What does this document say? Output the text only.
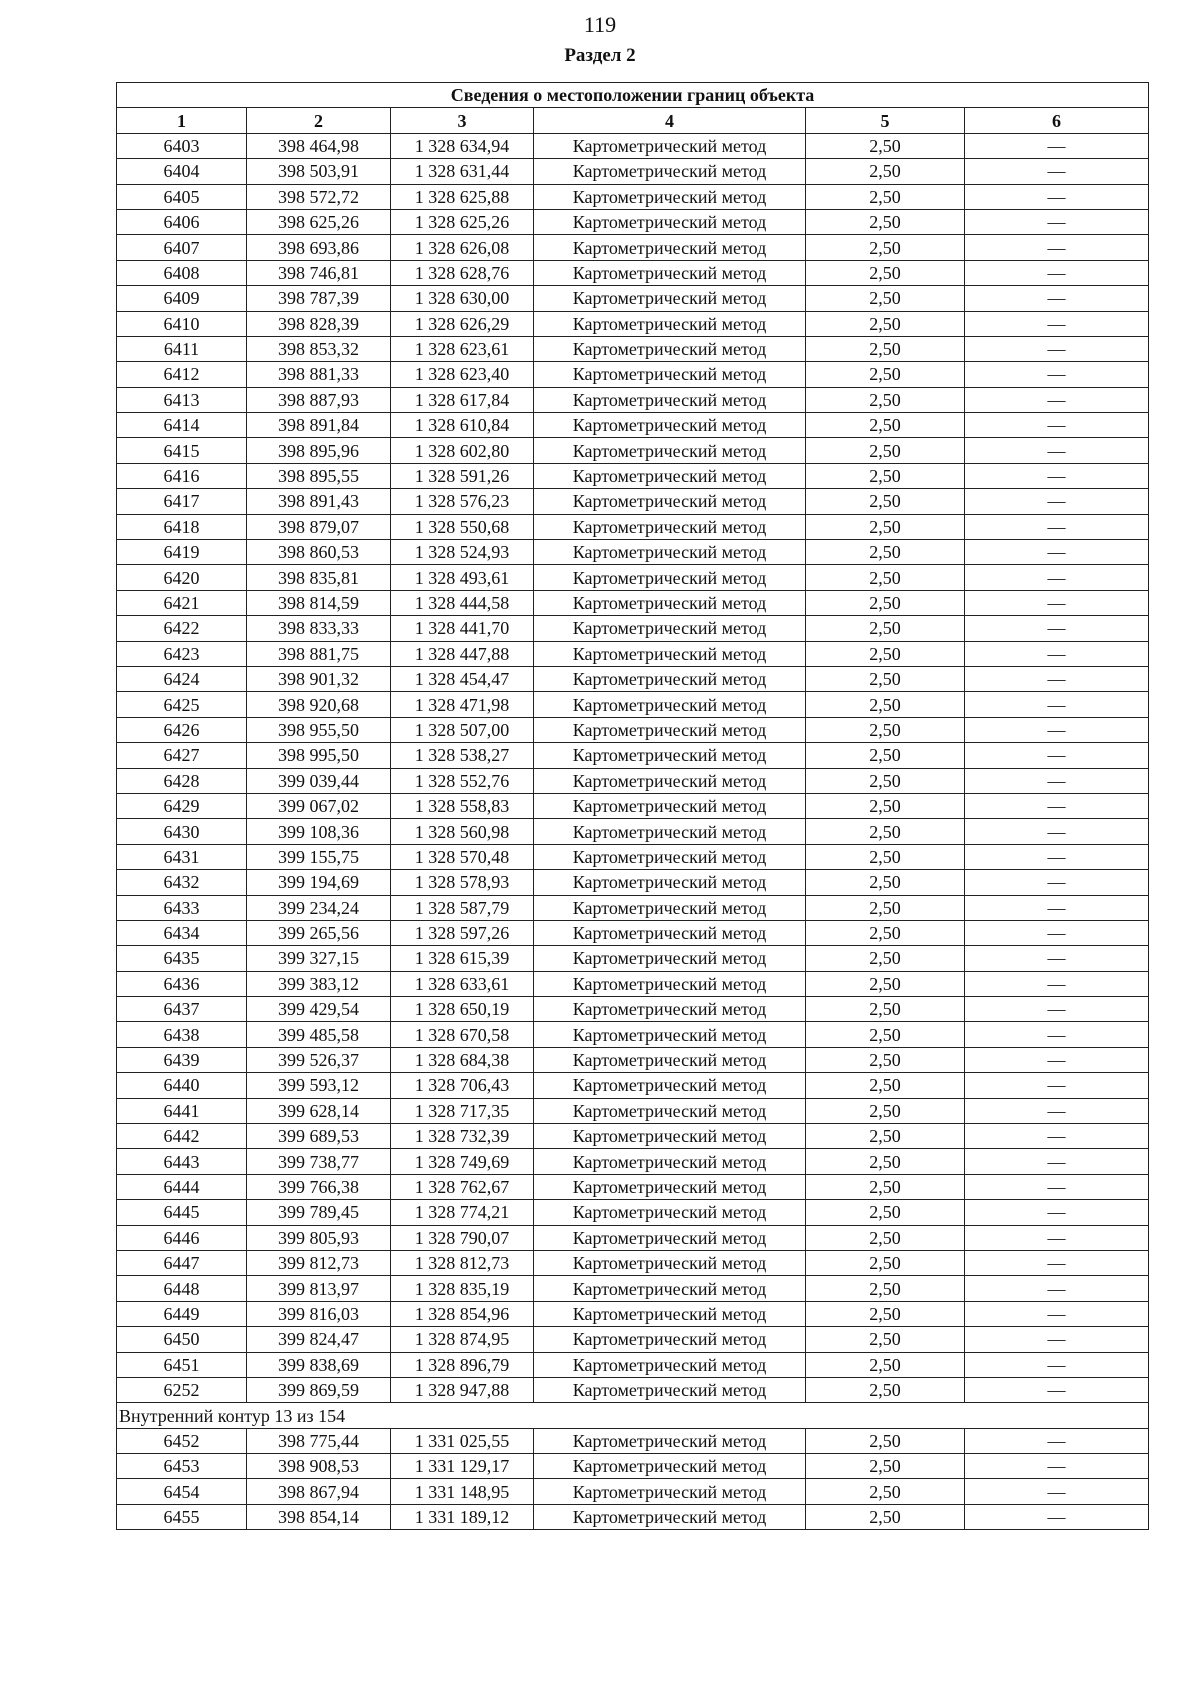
119
Раздел 2
Сведения о местоположении границ объекта					
1	2	3	4	5	6
6403	398 464,98	1 328 634,94	Картометрический метод	2,50	—
6404	398 503,91	1 328 631,44	Картометрический метод	2,50	—
6405	398 572,72	1 328 625,88	Картометрический метод	2,50	—
6406	398 625,26	1 328 625,26	Картометрический метод	2,50	—
6407	398 693,86	1 328 626,08	Картометрический метод	2,50	—
6408	398 746,81	1 328 628,76	Картометрический метод	2,50	—
6409	398 787,39	1 328 630,00	Картометрический метод	2,50	—
6410	398 828,39	1 328 626,29	Картометрический метод	2,50	—
6411	398 853,32	1 328 623,61	Картометрический метод	2,50	—
6412	398 881,33	1 328 623,40	Картометрический метод	2,50	—
6413	398 887,93	1 328 617,84	Картометрический метод	2,50	—
6414	398 891,84	1 328 610,84	Картометрический метод	2,50	—
6415	398 895,96	1 328 602,80	Картометрический метод	2,50	—
6416	398 895,55	1 328 591,26	Картометрический метод	2,50	—
6417	398 891,43	1 328 576,23	Картометрический метод	2,50	—
6418	398 879,07	1 328 550,68	Картометрический метод	2,50	—
6419	398 860,53	1 328 524,93	Картометрический метод	2,50	—
6420	398 835,81	1 328 493,61	Картометрический метод	2,50	—
6421	398 814,59	1 328 444,58	Картометрический метод	2,50	—
6422	398 833,33	1 328 441,70	Картометрический метод	2,50	—
6423	398 881,75	1 328 447,88	Картометрический метод	2,50	—
6424	398 901,32	1 328 454,47	Картометрический метод	2,50	—
6425	398 920,68	1 328 471,98	Картометрический метод	2,50	—
6426	398 955,50	1 328 507,00	Картометрический метод	2,50	—
6427	398 995,50	1 328 538,27	Картометрический метод	2,50	—
6428	399 039,44	1 328 552,76	Картометрический метод	2,50	—
6429	399 067,02	1 328 558,83	Картометрический метод	2,50	—
6430	399 108,36	1 328 560,98	Картометрический метод	2,50	—
6431	399 155,75	1 328 570,48	Картометрический метод	2,50	—
6432	399 194,69	1 328 578,93	Картометрический метод	2,50	—
6433	399 234,24	1 328 587,79	Картометрический метод	2,50	—
6434	399 265,56	1 328 597,26	Картометрический метод	2,50	—
6435	399 327,15	1 328 615,39	Картометрический метод	2,50	—
6436	399 383,12	1 328 633,61	Картометрический метод	2,50	—
6437	399 429,54	1 328 650,19	Картометрический метод	2,50	—
6438	399 485,58	1 328 670,58	Картометрический метод	2,50	—
6439	399 526,37	1 328 684,38	Картометрический метод	2,50	—
6440	399 593,12	1 328 706,43	Картометрический метод	2,50	—
6441	399 628,14	1 328 717,35	Картометрический метод	2,50	—
6442	399 689,53	1 328 732,39	Картометрический метод	2,50	—
6443	399 738,77	1 328 749,69	Картометрический метод	2,50	—
6444	399 766,38	1 328 762,67	Картометрический метод	2,50	—
6445	399 789,45	1 328 774,21	Картометрический метод	2,50	—
6446	399 805,93	1 328 790,07	Картометрический метод	2,50	—
6447	399 812,73	1 328 812,73	Картометрический метод	2,50	—
6448	399 813,97	1 328 835,19	Картометрический метод	2,50	—
6449	399 816,03	1 328 854,96	Картометрический метод	2,50	—
6450	399 824,47	1 328 874,95	Картометрический метод	2,50	—
6451	399 838,69	1 328 896,79	Картометрический метод	2,50	—
6252	399 869,59	1 328 947,88	Картометрический метод	2,50	—
Внутренний контур 13 из 154					
6452	398 775,44	1 331 025,55	Картометрический метод	2,50	—
6453	398 908,53	1 331 129,17	Картометрический метод	2,50	—
6454	398 867,94	1 331 148,95	Картометрический метод	2,50	—
6455	398 854,14	1 331 189,12	Картометрический метод	2,50	—
